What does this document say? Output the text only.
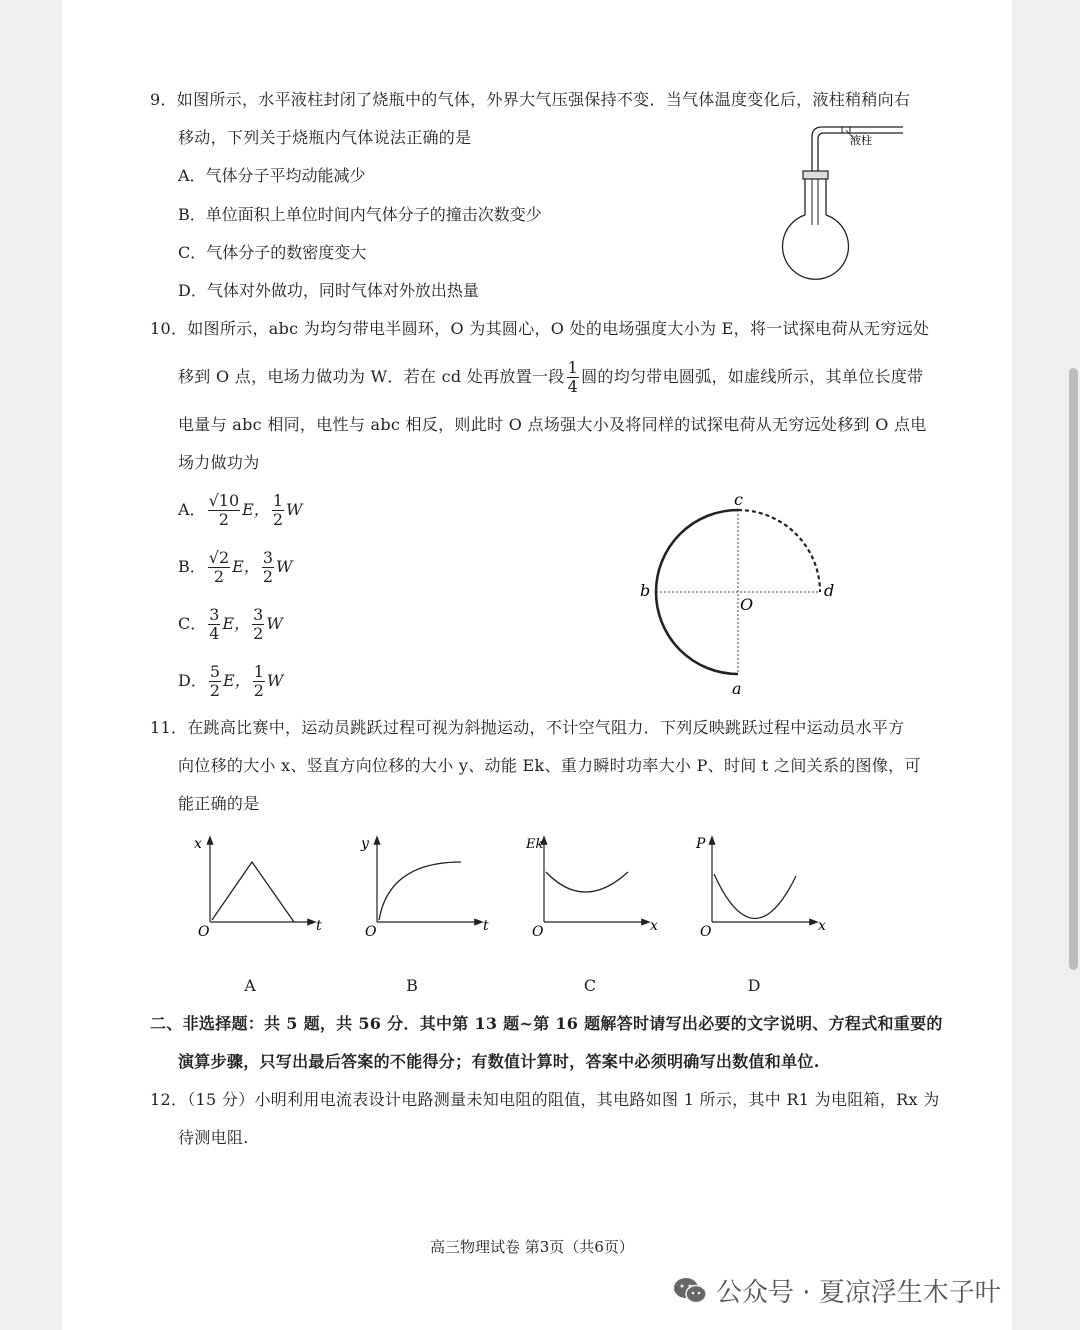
9．如图所示，水平液柱封闭了烧瓶中的气体，外界大气压强保持不变．当气体温度变化后，液柱稍稍向右
移动，下列关于烧瓶内气体说法正确的是
A．气体分子平均动能减少
B．单位面积上单位时间内气体分子的撞击次数变少
C．气体分子的数密度变大
D．气体对外做功，同时气体对外放出热量
液柱
10．如图所示，abc 为均匀带电半圆环，O 为其圆心，O 处的电场强度大小为 E，将一试探电荷从无穷远处
移到 O 点，电场力做功为 W．若在 cd 处再放置一段 $\frac{1}{4}$ 圆的均匀带电圆弧，如虚线所示，其单位长度带
电量与 abc 相同，电性与 abc 相反，则此时 O 点场强大小及将同样的试探电荷从无穷远处移到 O 点电
场力做功为
A． $\frac{√10}{2}$ E， $\frac{1}{2}$ W
B． $\frac{√2}{2}$ E， $\frac{3}{2}$ W
C． $\frac{3}{4}$ E， $\frac{3}{2}$ W
D． $\frac{5}{2}$ E， $\frac{1}{2}$ W
c
b	d
O
a
11．在跳高比赛中，运动员跳跃过程可视为斜抛运动，不计空气阻力．下列反映跳跃过程中运动员水平方
向位移的大小 x、竖直方向位移的大小 y、动能 Ek、重力瞬时功率大小 P、时间 t 之间关系的图像，可
能正确的是
x
t
O
y
t
O
Ek
x
O
P
x
O
A	B	C	D
二、非选择题：共 5 题，共 56 分．其中第 13 题~第 16 题解答时请写出必要的文字说明、方程式和重要的
演算步骤，只写出最后答案的不能得分；有数值计算时，答案中必须明确写出数值和单位.
12．（15 分）小明利用电流表设计电路测量未知电阻的阻值，其电路如图 1 所示，其中 R1 为电阻箱，Rx 为
待测电阻.
高三物理试卷 第3页（共6页）
公众号 · 夏凉浮生木子叶
